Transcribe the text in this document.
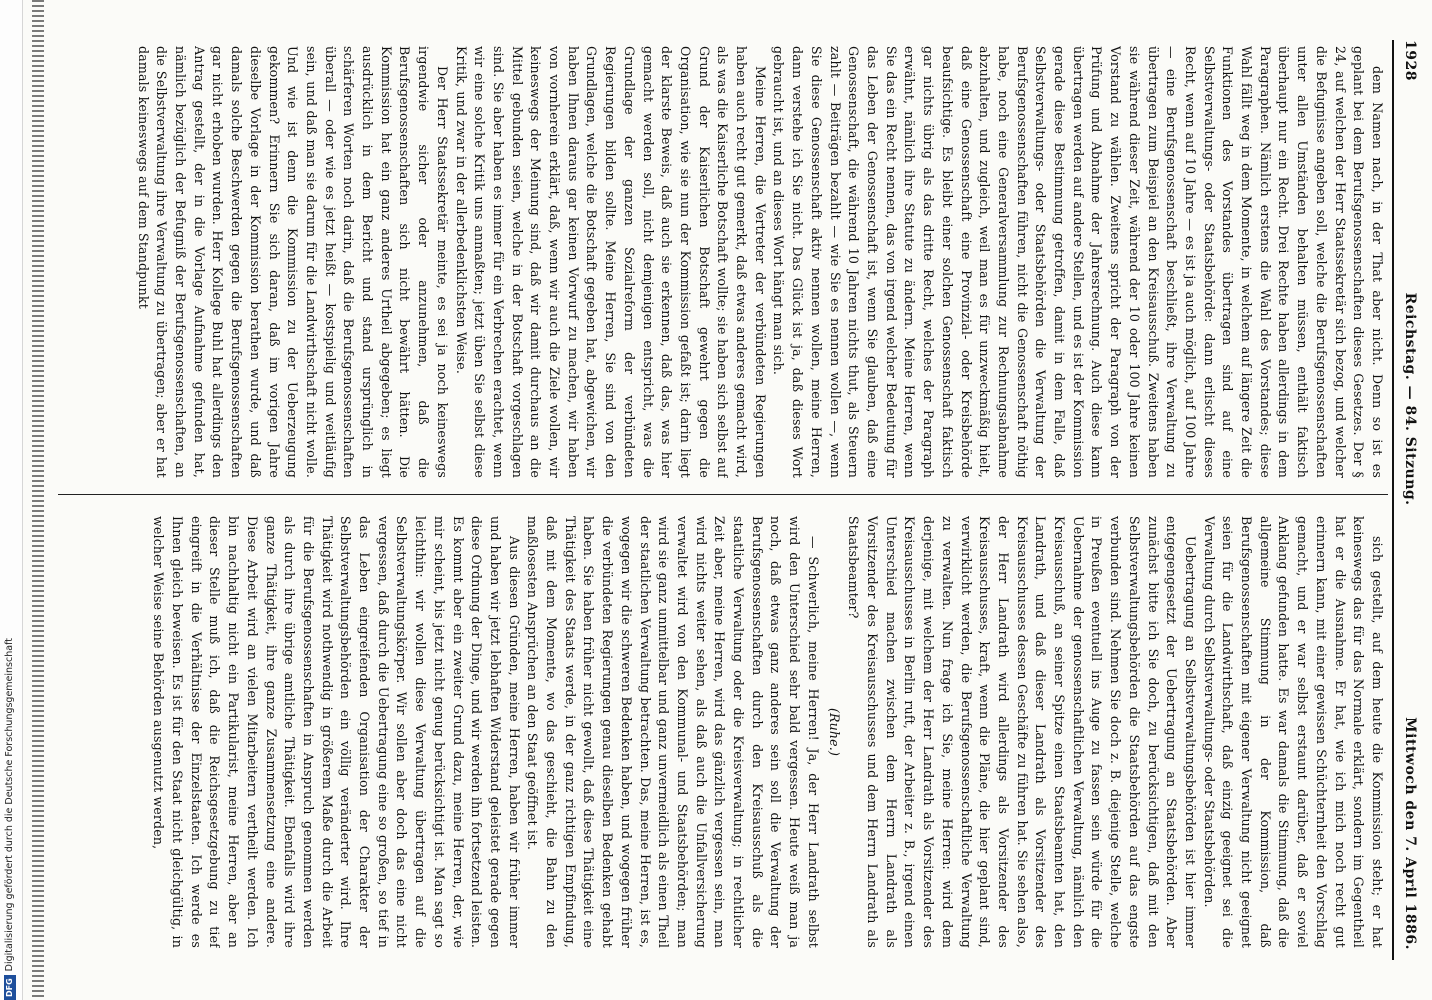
1928
Reichstag. — 84. Sitzung.
Mittwoch den 7. April 1886.

dem Namen nach, in der That aber nicht. Denn so ist es geplant bei dem Berufsgenossenschaften dieses Gesetzes. Der § 24, auf welchen der Herr Staatssekretär sich bezog, und welcher die Befugnisse angeben soll, welche die Berufsgenossenschaften unter allen Umständen behalten müssen, enthält faktisch überhaupt nur ein Recht. Drei Rechte haben allerdings in dem Paragraphen. Nämlich erstens die Wahl des Vorstandes; diese Wahl fällt weg in dem Momente, in welchem auf längere Zeit die Funktionen des Vorstandes übertragen sind auf eine Selbstverwaltungs- oder Staatsbehörde: dann erlischt dieses Recht, wenn auf 10 Jahre — es ist ja auch möglich, auf 100 Jahre — eine Berufsgenossenschaft beschließt, ihre Verwaltung zu übertragen zum Beispiel an den Kreisausschuß. Zweitens haben sie während dieser Zeit, während der 10 oder 100 Jahre keinen Vorstand zu wählen. Zweitens spricht der Paragraph von der Prüfung und Abnahme der Jahresrechnung. Auch diese kann übertragen werden auf andere Stellen, und es ist der Kommission gerade diese Bestimmung getroffen, damit in dem Falle, daß Selbstverwaltungs- oder Staatsbehörden die Verwaltung der Berufsgenossenschaften führen, nicht die Genossenschaft nöthig habe, noch eine Generalversammlung zur Rechnungsabnahme abzuhalten, und zugleich, weil man es für unzweckmäßig hielt, daß eine Genossenschaft eine Provinzial- oder Kreisbehörde beaufsichtige. Es bleibt einer solchen Genossenschaft faktisch gar nichts übrig als das dritte Recht, welches der Paragraph erwähnt, nämlich ihre Statute zu ändern. Meine Herren, wenn Sie das ein Recht nennen, das von irgend welcher Bedeutung für das Leben der Genossenschaft ist, wenn Sie glauben, daß eine Genossenschaft, die während 10 Jahren nichts thut, als Steuern zahlt — Beiträgen bezahlt — wie Sie es nennen wollen —, wenn Sie diese Genossenschaft aktiv nennen wollen, meine Herren, dann verstehe ich Sie nicht. Das Glück ist ja, daß dieses Wort gebraucht ist, und an dieses Wort hängt man sich.

Meine Herren, die Vertreter der verbündeten Regierungen haben auch recht gut gemerkt, daß etwas anderes gemacht wird, als was die Kaiserliche Botschaft wollte; sie haben sich selbst auf Grund der Kaiserlichen Botschaft gewehrt gegen die Organisation, wie sie nun der Kommission gefaßt ist; darin liegt der klarste Beweis, daß auch sie erkennen, daß das, was hier gemacht werden soll, nicht demjenigen entspricht, was die Grundlage der ganzen Sozialreform der verbündeten Regierungen bilden sollte. Meine Herren, Sie sind von den Grundlagen, welche die Botschaft gegeben hat, abgewichen, wir haben Ihnen daraus gar keinen Vorwurf zu machen, wir haben von vornherein erklärt, daß, wenn wir auch die Ziele wollen, wir keineswegs der Meinung sind, daß wir damit durchaus an die Mittel gebunden seien, welche in der Botschaft vorgeschlagen sind. Sie aber haben es immer für ein Verbrechen erachtet, wenn wir eine solche Kritik uns anmaßten; jetzt üben Sie selbst diese Kritik, und zwar in der allerbedenklichsten Weise.

Der Herr Staatssekretär meinte, es sei ja noch keineswegs irgendwie sicher oder anzunehmen, daß die Berufsgenossenschaften sich nicht bewährt hätten. Die Kommission hat ein ganz anderes Urtheil abgegeben; es liegt ausdrücklich in dem Bericht und stand ursprünglich in schärferen Worten noch darin, daß die Berufsgenossenschaften überall — oder wie es jetzt heißt — kostspielig und weitläufig sein, und daß man sie darum für die Landwirthschaft nicht wolle. Und wie ist denn die Kommission zu der Ueberzeugung gekommen? Erinnern Sie sich daran, daß im vorigen Jahre dieselbe Vorlage in der Kommission berathen wurde, und daß damals solche Beschwerden gegen die Berufsgenossenschaften gar nicht erhoben wurden. Herr Kollege Buhl hat allerdings den Antrag gestellt, der in die Vorlage Aufnahme gefunden hat, nämlich bezüglich der Befugniß der Berufsgenossenschaften, an die Selbstverwaltung ihre Verwaltung zu übertragen; aber er hat damals keineswegs auf dem Standpunkt

sich gestellt, auf dem heute die Kommission steht; er hat keineswegs das für das Normale erklärt, sondern im Gegentheil hat er die Ausnahme. Er hat, wie ich mich noch recht gut erinnern kann, mit einer gewissen Schüchternheit den Vorschlag gemacht, und er war selbst erstaunt darüber, daß er soviel Anklang gefunden hatte. Es war damals die Stimmung, daß die allgemeine Stimmung in der Kommission, daß Berufsgenossenschaften mit eigener Verwaltung nicht geeignet seien für die Landwirthschaft, daß einzig geeignet sei die Verwaltung durch Selbstverwaltungs- oder Staatsbehörden.

Uebertragung an Selbstverwaltungsbehörden ist hier immer entgegengesetzt der Uebertragung an Staatsbehörden. Aber zunächst bitte ich Sie doch, zu berücksichtigen, daß mit den Selbstverwaltungsbehörden die Staatsbehörden auf das engste verbunden sind. Nehmen Sie doch z. B. diejenige Stelle, welche in Preußen eventuell ins Auge zu fassen sein würde für die Uebernahme der genossenschaftlichen Verwaltung, nämlich den Kreisausschuß, an seiner Spitze einen Staatsbeamten hat, den Landrath, und daß dieser Landrath als Vorsitzender des Kreisausschusses dessen Geschäfte zu führen hat. Sie sehen also, der Herr Landrath wird allerdings als Vorsitzender des Kreisausschusses, kraft, wenn die Pläne, die hier geplant sind, verwirklicht werden, die Berufsgenossenschaftliche Verwaltung zu verwalten. Nun frage ich Sie, meine Herren: wird dem derjenige, mit welchem der Herr Landrath als Vorsitzender des Kreisausschusses in Berlin ruft, der Arbeiter z. B., irgend einen Unterschied machen zwischen dem Herrn Landrath als Vorsitzender des Kreisausschusses und dem Herrn Landrath als Staatsbeamter?

(Ruhe.)

— Schwerlich, meine Herren! Ja, der Herr Landrath selbst wird den Unterschied sehr bald vergessen. Heute weiß man ja noch, daß etwas ganz anderes sein soll die Verwaltung der Berufsgenossenschaften durch den Kreisausschuß als die staatliche Verwaltung oder die Kreisverwaltung; in rechtlicher Zeit aber, meine Herren, wird das gänzlich vergessen sein, man wird nichts weiter sehen, als daß auch die Unfallversicherung verwaltet wird von den Kommunal- und Staatsbehörden; man wird sie ganz unmittelbar und ganz unvermeidlich als einen Theil der staatlichen Verwaltung betrachten. Das, meine Herren, ist es, wogegen wir die schweren Bedenken haben, und wogegen früher die verbündeten Regierungen genau dieselben Bedenken gehabt haben. Sie haben früher nicht gewollt, daß diese Thätigkeit eine Thätigkeit des Staats werde, in der ganz richtigen Empfindung, daß mit dem Momente, wo das geschieht, die Bahn zu den maßlosesten Ansprüchen an den Staat geöffnet ist.

Aus diesen Gründen, meine Herren, haben wir früher immer und haben wir jetzt lebhaften Widerstand geleistet gerade gegen diese Ordnung der Dinge, und wir werden ihn fortsetzend leisten. Es kommt aber ein zweiter Grund dazu, meine Herren, der, wie mir scheint, bis jetzt nicht genug berücksichtigt ist. Man sagt so leichthin: wir wollen diese Verwaltung übertragen auf die Selbstverwaltungskörper. Wir sollen aber doch das eine nicht vergessen, daß durch die Uebertragung eine so großen, so tief in das Leben eingreifenden Organisation der Charakter der Selbstverwaltungsbehörden ein völlig veränderter wird. Ihre Thätigkeit wird nothwendig in größerem Maße durch die Arbeit für die Berufsgenossenschaften in Anspruch genommen werden als durch ihre übrige amtliche Thätigkeit. Ebenfalls wird ihre ganze Thätigkeit, ihre ganze Zusammensetzung eine andere. Diese Arbeit wird an vielen Mitarbeitern vertheilt werden. Ich bin nachhaltig nicht ein Partikularist, meine Herren, aber an dieser Stelle muß ich, daß die Reichsgesetzgebung zu tief eingreift in die Verhältnisse der Einzelstaaten. Ich werde es Ihnen gleich beweisen. Es ist für den Staat nicht gleichgültig, in welcher Weise seine Behörden ausgenutzt werden,

DFGDigitalisierung gefördert durch die Deutsche Forschungsgemeinschaft
